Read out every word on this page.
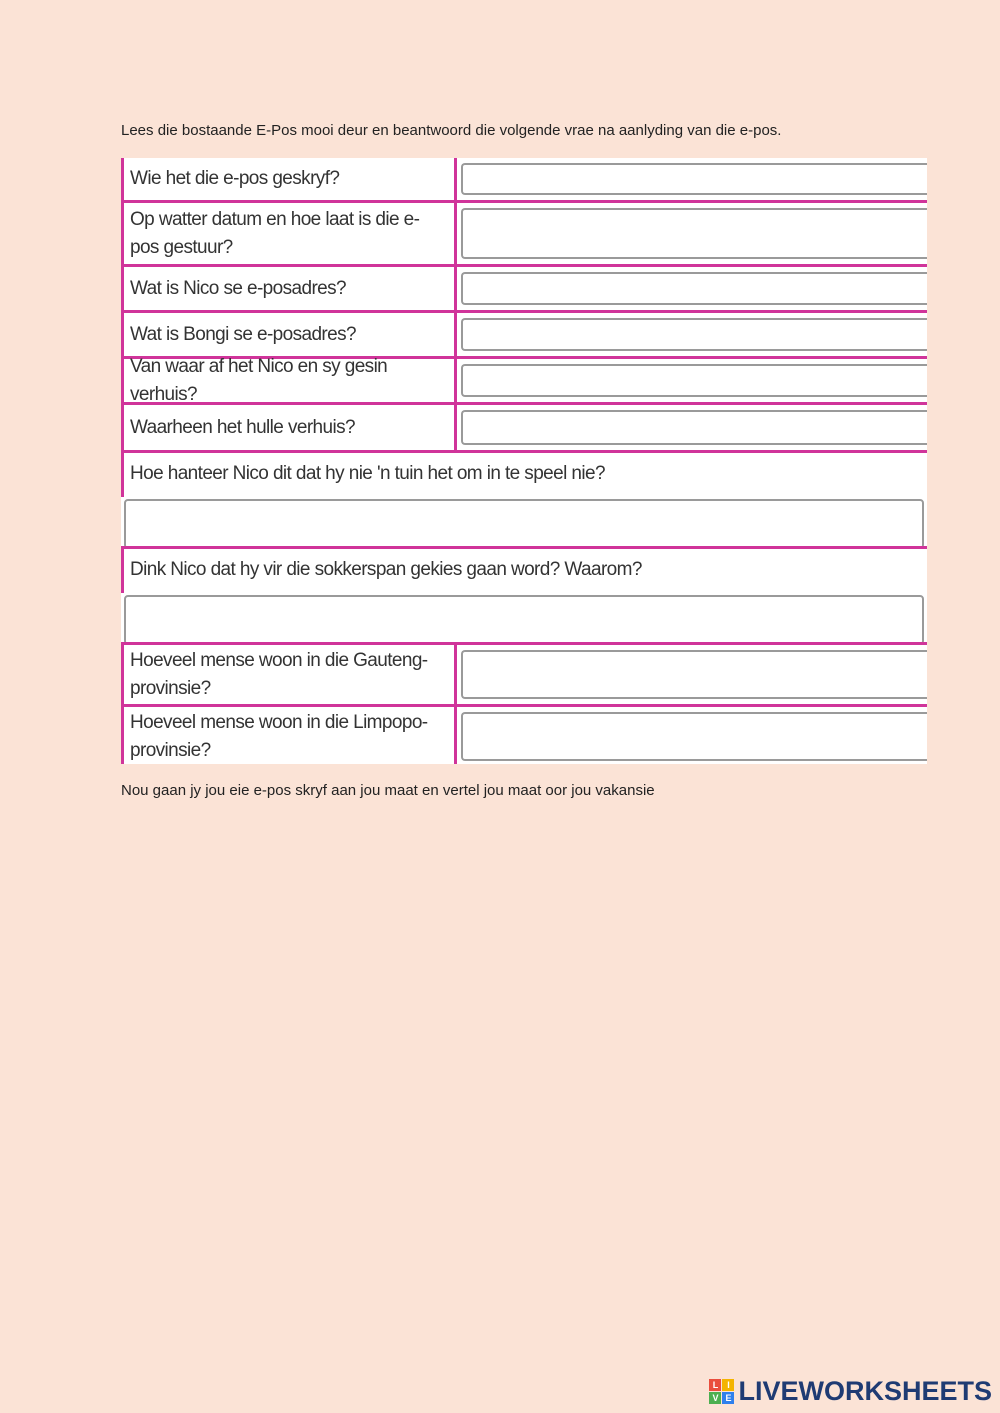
Lees die bostaande E-Pos mooi deur en beantwoord die volgende vrae na aanlyding van die e-pos.
Wie het die e-pos geskryf?
Op watter datum en hoe laat is die e-pos gestuur?
Wat is Nico se e-posadres?
Wat is Bongi se e-posadres?
Van waar af het Nico en sy gesin verhuis?
Waarheen het hulle verhuis?
Hoe hanteer Nico dit dat hy nie 'n tuin het om in te speel nie?
Dink Nico dat hy vir die sokkerspan gekies gaan word? Waarom?
Hoeveel mense woon in die Gauteng-provinsie?
Hoeveel mense woon in die Limpopo-provinsie?
Nou gaan jy jou eie e-pos skryf aan jou maat en vertel jou maat oor jou vakansie
L I
V E LIVEWORKSHEETS
